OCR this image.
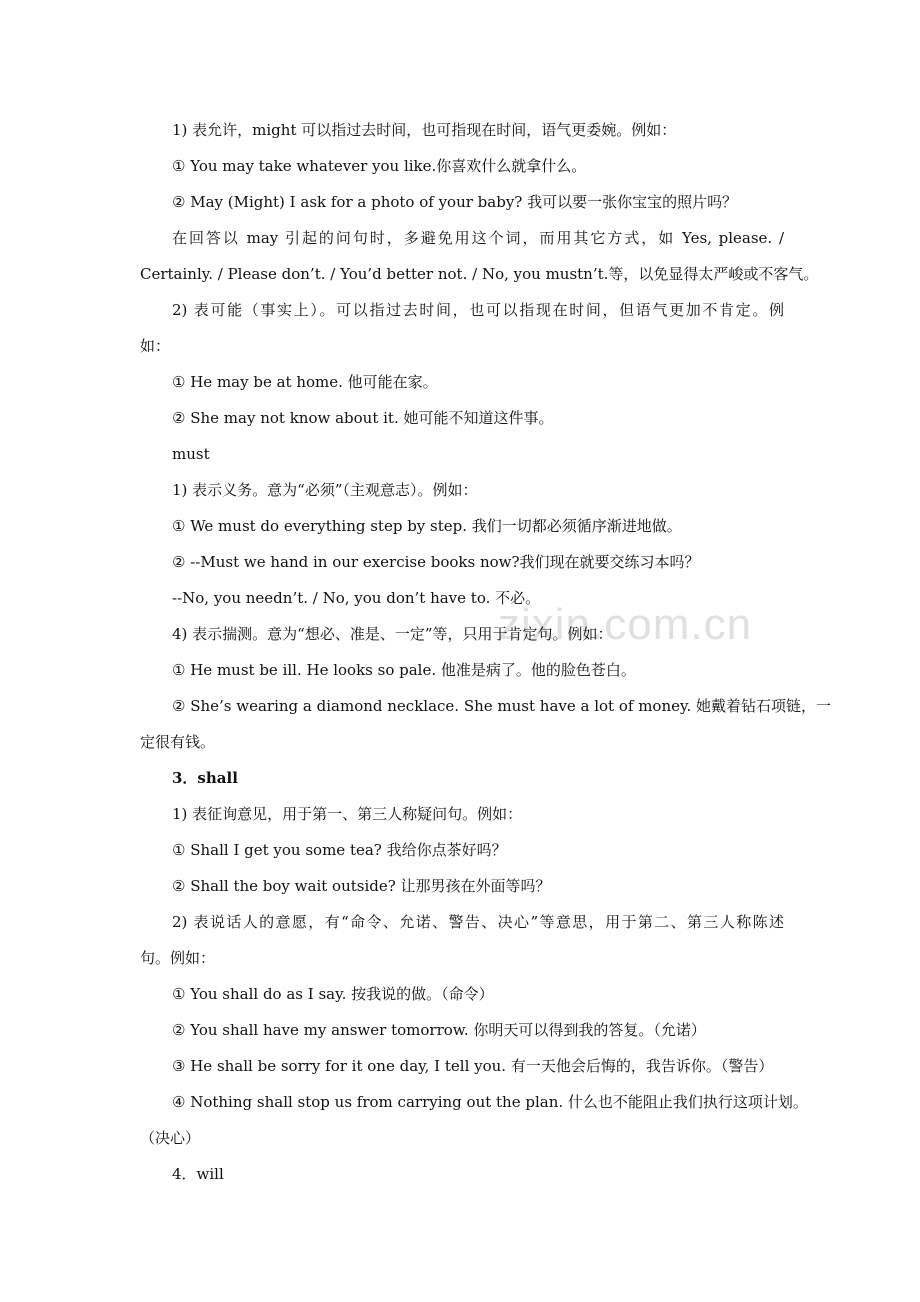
zixin.com.cn
1) 表允许，might 可以指过去时间，也可指现在时间，语气更委婉。例如：
① You may take whatever you like.你喜欢什么就拿什么。
② May (Might) I ask for a photo of your baby? 我可以要一张你宝宝的照片吗？
在回答以 may 引起的问句时，多避免用这个词，而用其它方式，如 Yes, please. /
Certainly. / Please don’t. / You’d better not. / No, you mustn’t.等，以免显得太严峻或不客气。
2) 表可能（事实上）。可以指过去时间，也可以指现在时间，但语气更加不肯定。例
如：
① He may be at home. 他可能在家。
② She may not know about it. 她可能不知道这件事。
must
1) 表示义务。意为“必须”（主观意志）。例如：
① We must do everything step by step. 我们一切都必须循序渐进地做。
② --Must we hand in our exercise books now?我们现在就要交练习本吗？
--No, you needn’t. / No, you don’t have to. 不必。
4) 表示揣测。意为“想必、准是、一定”等，只用于肯定句。例如：
① He must be ill. He looks so pale. 他准是病了。他的脸色苍白。
② She’s wearing a diamond necklace. She must have a lot of money. 她戴着钻石项链，一
定很有钱。
3．shall
1) 表征询意见，用于第一、第三人称疑问句。例如：
① Shall I get you some tea? 我给你点茶好吗？
② Shall the boy wait outside? 让那男孩在外面等吗？
2) 表说话人的意愿，有“命令、允诺、警告、决心”等意思，用于第二、第三人称陈述
句。例如：
① You shall do as I say. 按我说的做。（命令）
② You shall have my answer tomorrow. 你明天可以得到我的答复。（允诺）
③ He shall be sorry for it one day, I tell you. 有一天他会后悔的，我告诉你。（警告）
④ Nothing shall stop us from carrying out the plan. 什么也不能阻止我们执行这项计划。
（决心）
4．will
